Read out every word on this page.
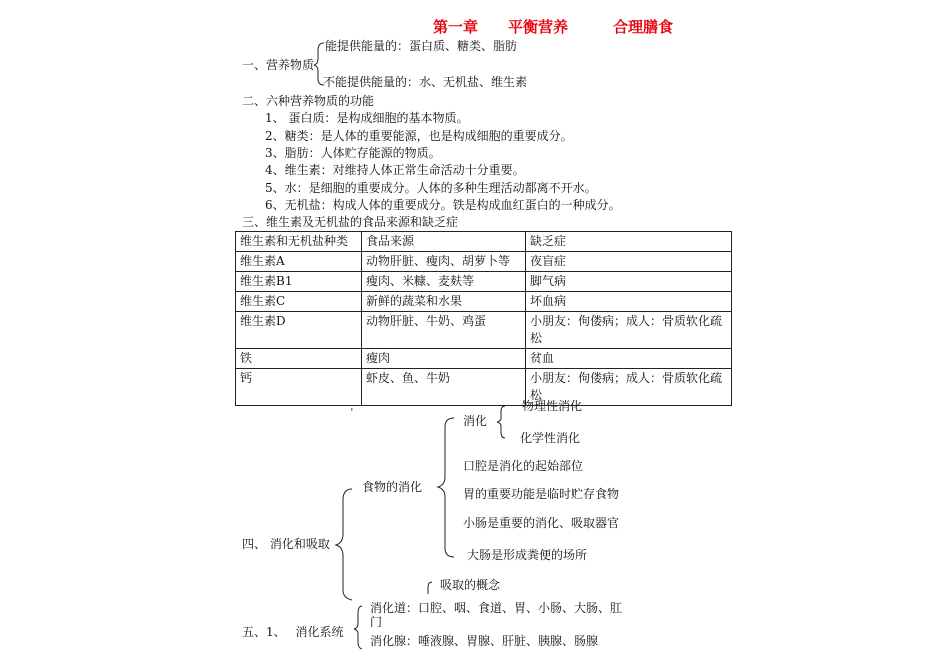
第一章　　平衡营养　　　合理膳食
一、营养物质
能提供能量的：蛋白质、糖类、脂肪
不能提供能量的：水、无机盐、维生素
二、六种营养物质的功能
1、 蛋白质：是构成细胞的基本物质。
2、糖类：是人体的重要能源，也是构成细胞的重要成分。
3、脂肪：人体贮存能源的物质。
4、维生素：对维持人体正常生命活动十分重要。
5、水：是细胞的重要成分。人体的多种生理活动都离不开水。
6、无机盐：构成人体的重要成分。铁是构成血红蛋白的一种成分。
三、维生素及无机盐的食品来源和缺乏症
维生素和无机盐种类	食品来源	缺乏症
维生素A	动物肝脏、瘦肉、胡萝卜等	夜盲症
维生素B1	瘦肉、米糠、麦麸等	脚气病
维生素C	新鲜的蔬菜和水果	坏血病
维生素D	动物肝脏、牛奶、鸡蛋	小朋友：佝偻病；成人：骨质软化疏松
铁	瘦肉	贫血
钙	虾皮、鱼、牛奶	小朋友：佝偻病；成人：骨质软化疏松
四、 消化和吸取
食物的消化
消化
物理性消化
化学性消化
口腔是消化的起始部位
胃的重要功能是临时贮存食物
小肠是重要的消化、吸取器官
大肠是形成粪便的场所
吸取的概念
五、1、　 消化系统
消化道：口腔、咽、食道、胃、小肠、大肠、肛
门
消化腺：唾液腺、胃腺、肝脏、胰腺、肠腺
